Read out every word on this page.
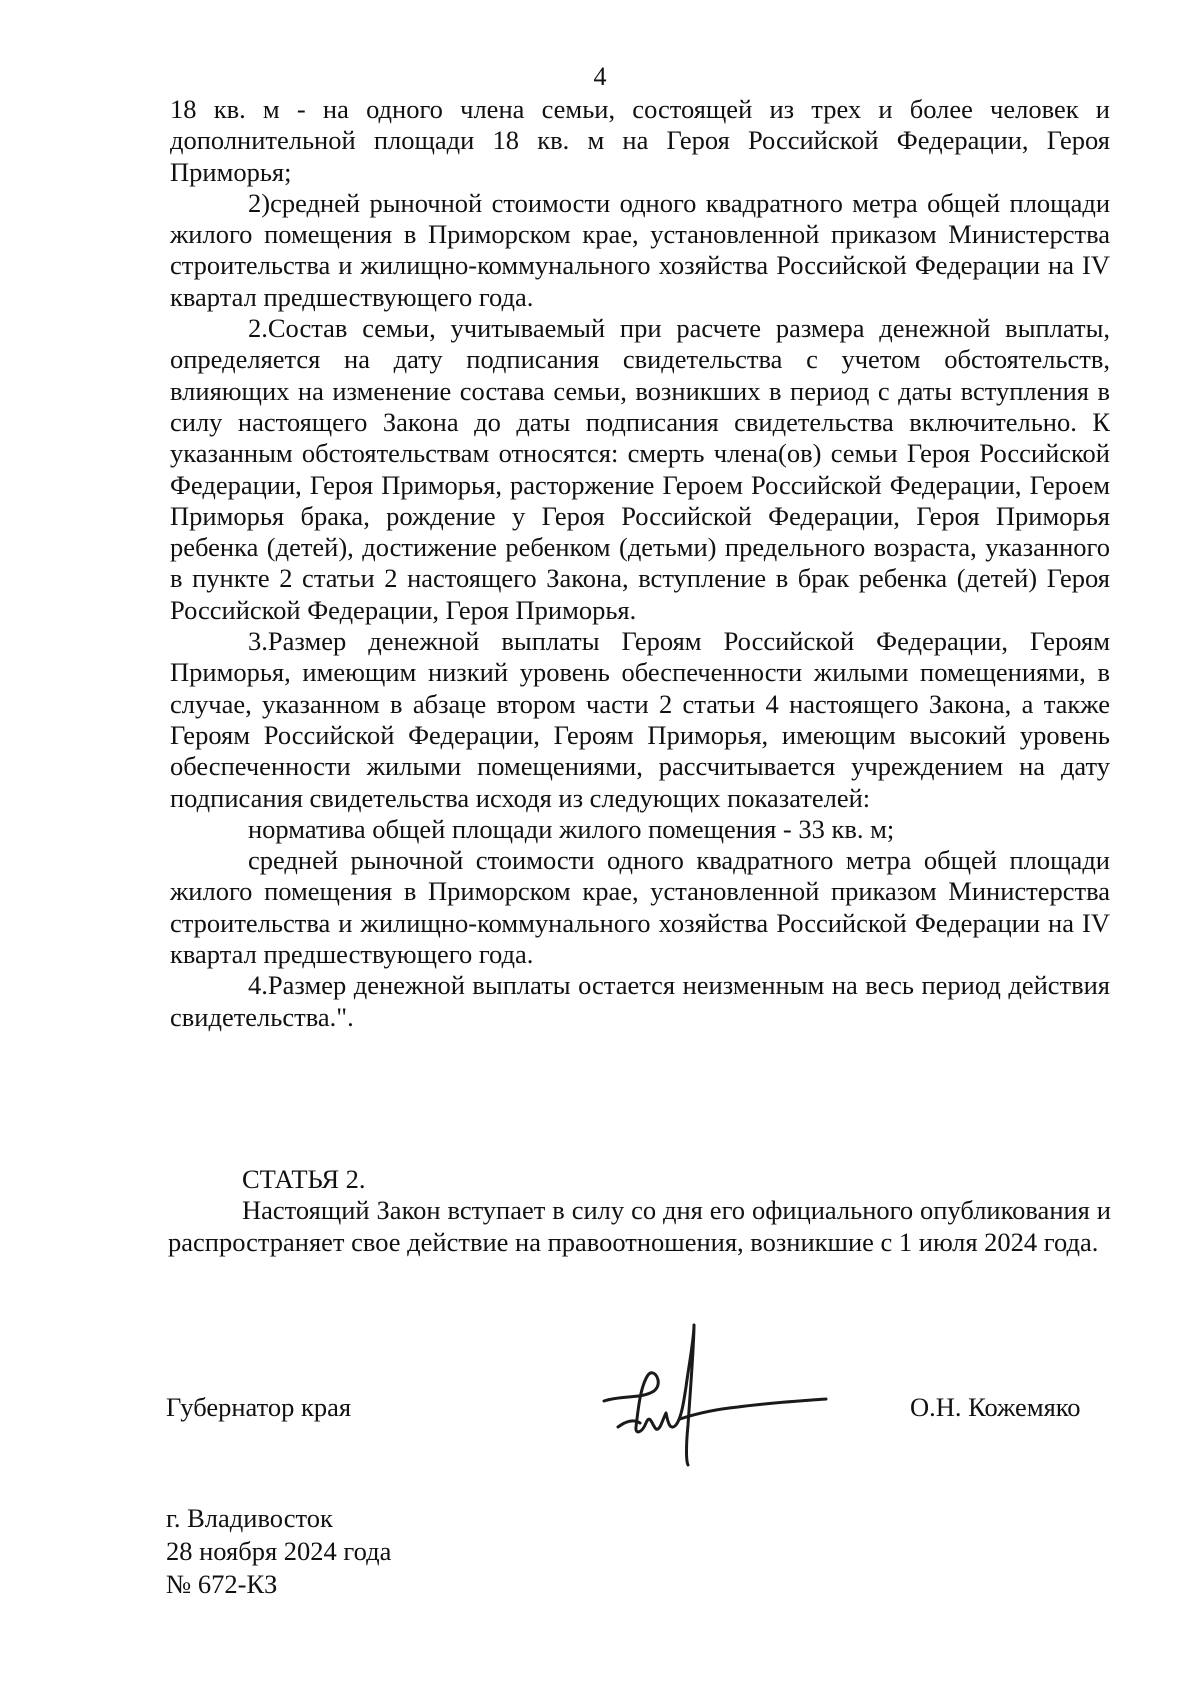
4

18 кв. м - на одного члена семьи, состоящей из трех и более человек и дополнительной площади 18 кв. м на Героя Российской Федерации, Героя Приморья;

2)средней рыночной стоимости одного квадратного метра общей площади жилого помещения в Приморском крае, установленной приказом Министерства строительства и жилищно-коммунального хозяйства Российской Федерации на IV квартал предшествующего года.

2.Состав семьи, учитываемый при расчете размера денежной выплаты, определяется на дату подписания свидетельства с учетом обстоятельств, влияющих на изменение состава семьи, возникших в период с даты вступления в силу настоящего Закона до даты подписания свидетельства включительно. К указанным обстоятельствам относятся: смерть члена(ов) семьи Героя Российской Федерации, Героя Приморья, расторжение Героем Российской Федерации, Героем Приморья брака, рождение у Героя Российской Федерации, Героя Приморья ребенка (детей), достижение ребенком (детьми) предельного возраста, указанного в пункте 2 статьи 2 настоящего Закона, вступление в брак ребенка (детей) Героя Российской Федерации, Героя Приморья.

3.Размер денежной выплаты Героям Российской Федерации, Героям Приморья, имеющим низкий уровень обеспеченности жилыми помещениями, в случае, указанном в абзаце втором части 2 статьи 4 настоящего Закона, а также Героям Российской Федерации, Героям Приморья, имеющим высокий уровень обеспеченности жилыми помещениями, рассчитывается учреждением на дату подписания свидетельства исходя из следующих показателей:

норматива общей площади жилого помещения - 33 кв. м;

средней рыночной стоимости одного квадратного метра общей площади жилого помещения в Приморском крае, установленной приказом Министерства строительства и жилищно-коммунального хозяйства Российской Федерации на IV квартал предшествующего года.

4.Размер денежной выплаты остается неизменным на весь период действия свидетельства.".

СТАТЬЯ 2.

Настоящий Закон вступает в силу со дня его официального опубликования и распространяет свое действие на правоотношения, возникшие с 1 июля 2024 года.

Губернатор края	О.Н. Кожемяко
г. Владивосток
28 ноября 2024 года
№ 672-КЗ
